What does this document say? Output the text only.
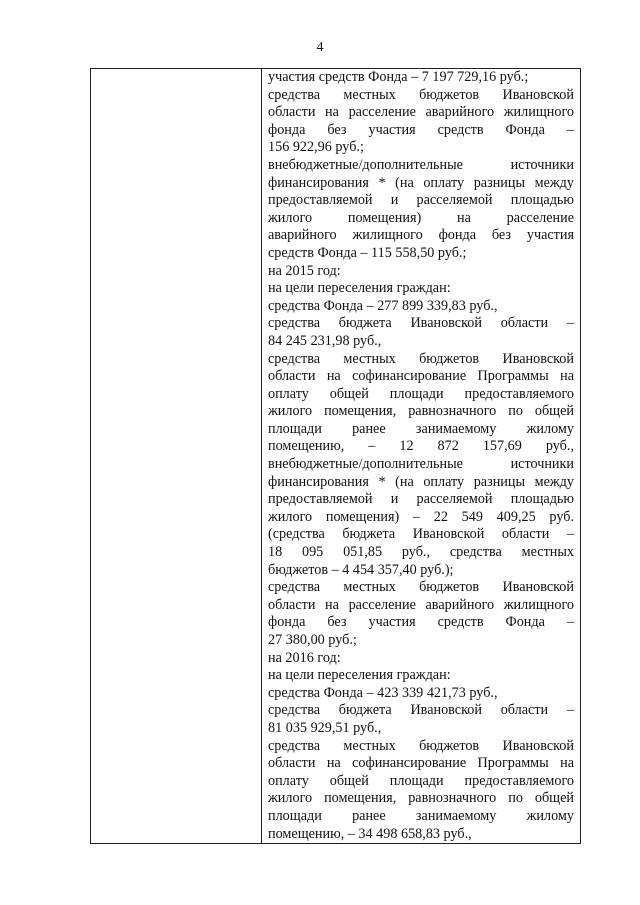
4

участия средств Фонда – 7 197 729,16 руб.;
средства местных бюджетов Ивановской
области на расселение аварийного жилищного
фонда без участия средств Фонда –
156 922,96 руб.;
внебюджетные/дополнительные источники
финансирования * (на оплату разницы между
предоставляемой и расселяемой площадью
жилого помещения) на расселение
аварийного жилищного фонда без участия
средств Фонда – 115 558,50 руб.;
на 2015 год:
на цели переселения граждан:
средства Фонда – 277 899 339,83 руб.,
средства бюджета Ивановской области –
84 245 231,98 руб.,
средства местных бюджетов Ивановской
области на софинансирование Программы на
оплату общей площади предоставляемого
жилого помещения, равнозначного по общей
площади ранее занимаемому жилому
помещению, – 12 872 157,69 руб.,
внебюджетные/дополнительные источники
финансирования * (на оплату разницы между
предоставляемой и расселяемой площадью
жилого помещения) – 22 549 409,25 руб.
(средства бюджета Ивановской области –
18 095 051,85 руб., средства местных
бюджетов – 4 454 357,40 руб.);
средства местных бюджетов Ивановской
области на расселение аварийного жилищного
фонда без участия средств Фонда –
27 380,00 руб.;
на 2016 год:
на цели переселения граждан:
средства Фонда – 423 339 421,73 руб.,
средства бюджета Ивановской области –
81 035 929,51 руб.,
средства местных бюджетов Ивановской
области на софинансирование Программы на
оплату общей площади предоставляемого
жилого помещения, равнозначного по общей
площади ранее занимаемому жилому
помещению, – 34 498 658,83 руб.,
